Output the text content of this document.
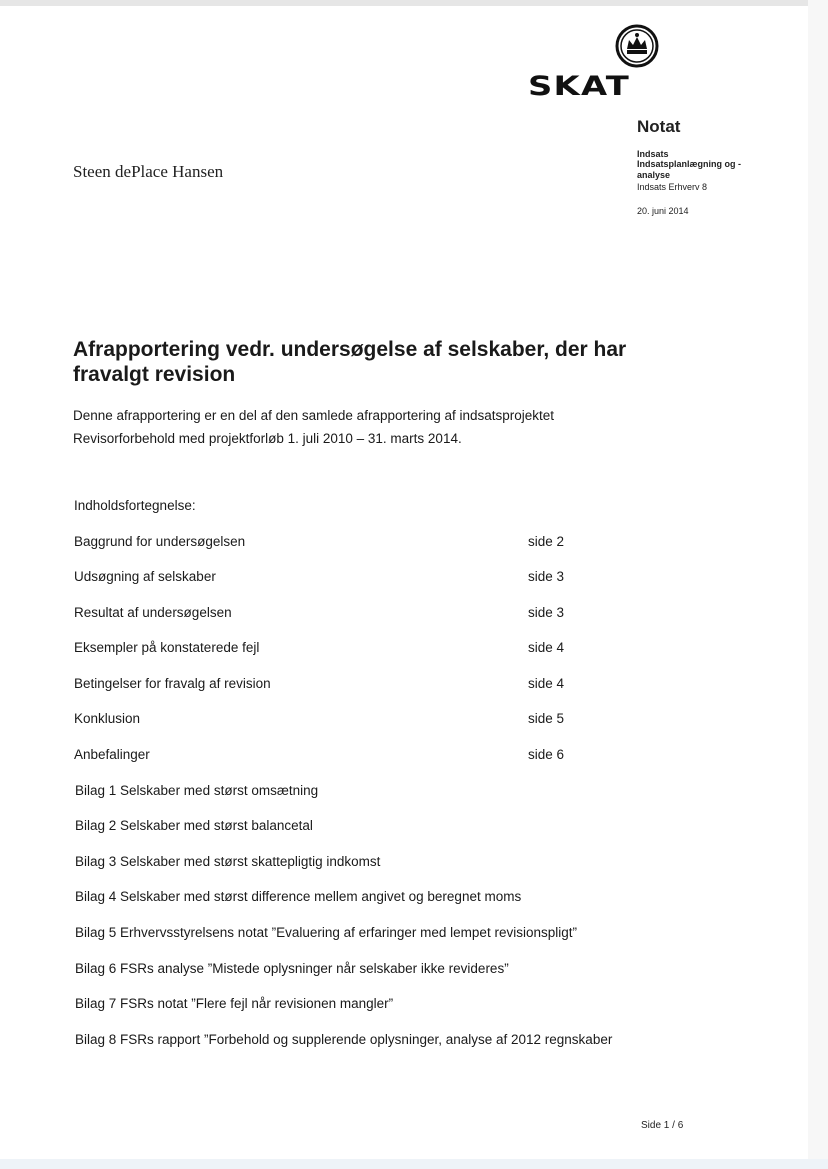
SKAT
Notat
Indsats
Indsatsplanlægning og -
analyse
Indsats Erhverv 8
20. juni 2014
Steen dePlace Hansen
Afrapportering vedr. undersøgelse af selskaber, der har fravalgt revision
Denne afrapportering er en del af den samlede afrapportering af indsatsprojektet Revisorforbehold med projektforløb 1. juli 2010 – 31. marts 2014.
Indholdsfortegnelse:
Baggrund for undersøgelsen	side 2
Udsøgning af selskaber	side 3
Resultat af undersøgelsen	side 3
Eksempler på konstaterede fejl	side 4
Betingelser for fravalg af revision	side 4
Konklusion	side 5
Anbefalinger	side 6
Bilag 1 Selskaber med størst omsætning
Bilag 2 Selskaber med størst balancetal
Bilag 3 Selskaber med størst skattepligtig indkomst
Bilag 4 Selskaber med størst difference mellem angivet og beregnet moms
Bilag 5 Erhvervsstyrelsens notat ”Evaluering af erfaringer med lempet revisionspligt”
Bilag 6 FSRs analyse ”Mistede oplysninger når selskaber ikke revideres”
Bilag 7 FSRs notat ”Flere fejl når revisionen mangler”
Bilag 8 FSRs rapport ”Forbehold og supplerende oplysninger, analyse af 2012 regnskaber
Side 1 / 6
